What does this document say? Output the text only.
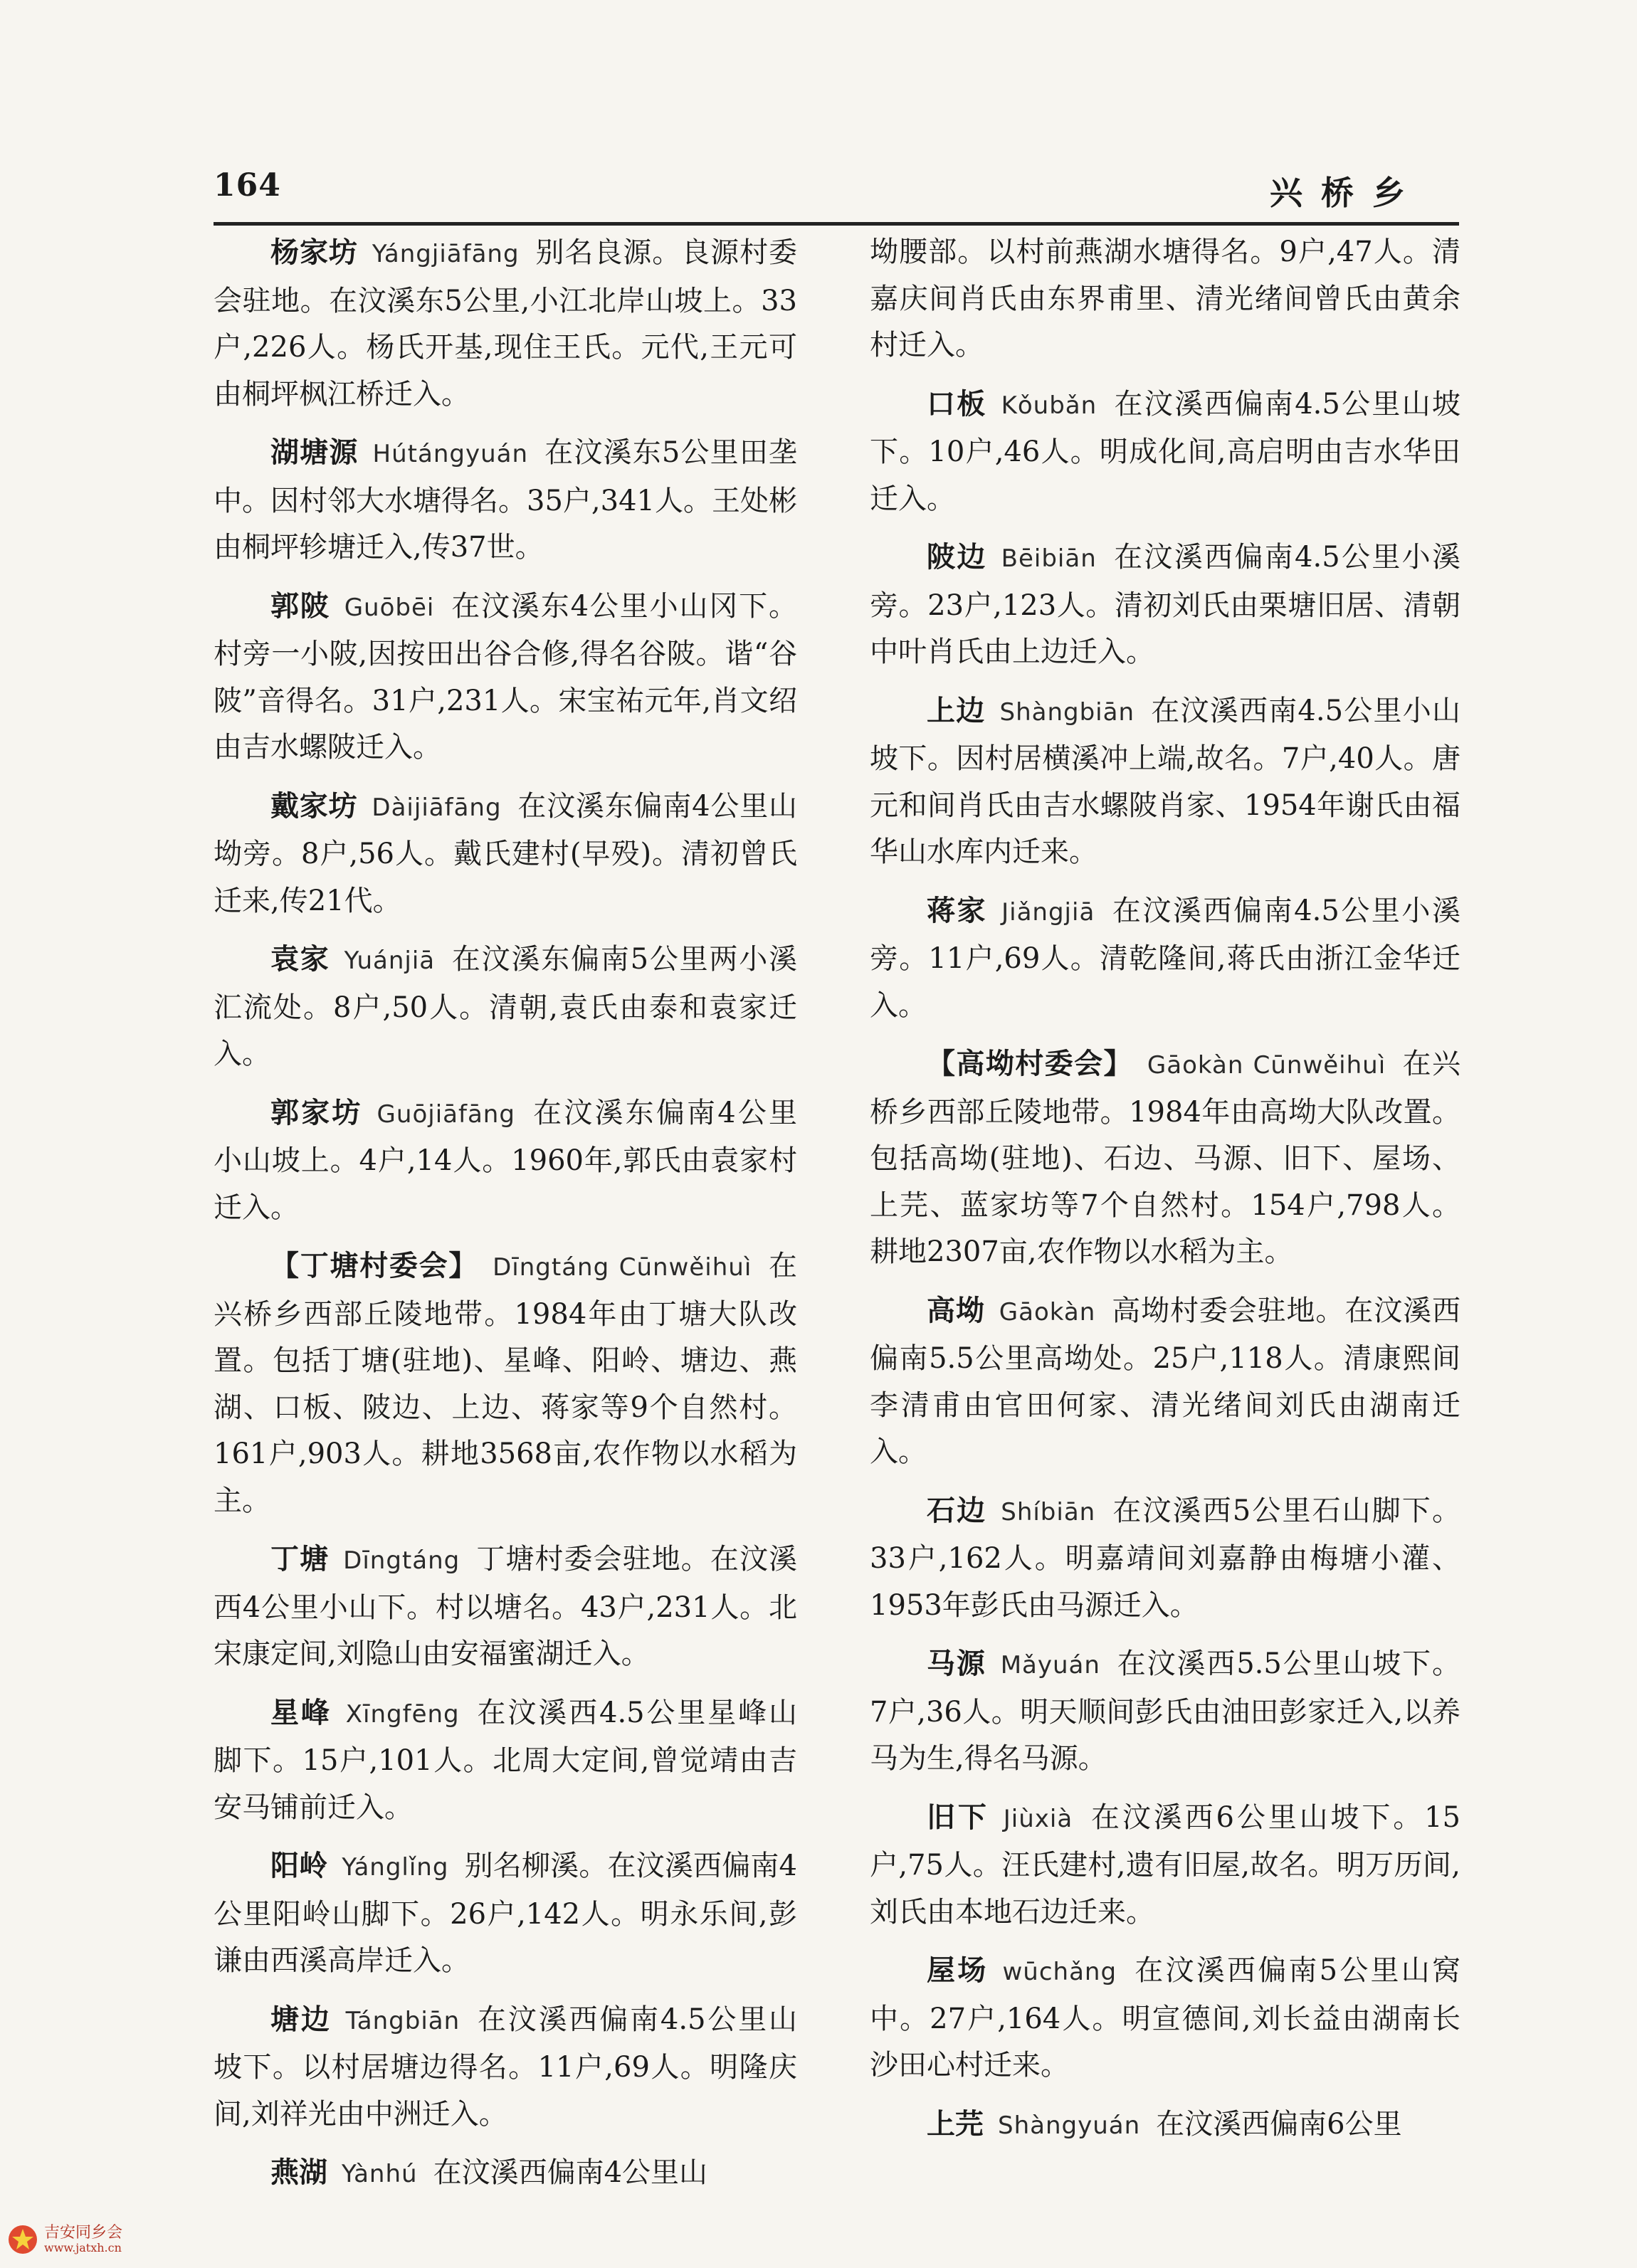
164	兴桥乡

杨家坊 Yángjiāfāng 别名良源。良源村委会驻地。在汶溪东5公里,小江北岸山坡上。33户,226人。杨氏开基,现住王氏。元代,王元可由桐坪枫江桥迁入。

湖塘源 Hútángyuán 在汶溪东5公里田垄中。因村邻大水塘得名。35户,341人。王处彬由桐坪轸塘迁入,传37世。

郭陂 Guōbēi 在汶溪东4公里小山冈下。村旁一小陂,因按田出谷合修,得名谷陂。谐“谷陂”音得名。31户,231人。宋宝祐元年,肖文绍由吉水螺陂迁入。

戴家坊 Dàijiāfāng 在汶溪东偏南4公里山坳旁。8户,56人。戴氏建村(早殁)。清初曾氏迁来,传21代。

袁家 Yuánjiā 在汶溪东偏南5公里两小溪汇流处。8户,50人。清朝,袁氏由泰和袁家迁入。

郭家坊 Guōjiāfāng 在汶溪东偏南4公里小山坡上。4户,14人。1960年,郭氏由袁家村迁入。

【丁塘村委会】 Dīngtáng Cūnwěihuì 在兴桥乡西部丘陵地带。1984年由丁塘大队改置。包括丁塘(驻地)、星峰、阳岭、塘边、燕湖、口板、陂边、上边、蒋家等9个自然村。161户,903人。耕地3568亩,农作物以水稻为主。

丁塘 Dīngtáng 丁塘村委会驻地。在汶溪西4公里小山下。村以塘名。43户,231人。北宋康定间,刘隐山由安福蜜湖迁入。

星峰 Xīngfēng 在汶溪西4.5公里星峰山脚下。15户,101人。北周大定间,曾觉靖由吉安马铺前迁入。

阳岭 Yánglǐng 别名柳溪。在汶溪西偏南4公里阳岭山脚下。26户,142人。明永乐间,彭谦由西溪高岸迁入。

塘边 Tángbiān 在汶溪西偏南4.5公里山坡下。以村居塘边得名。11户,69人。明隆庆间,刘祥光由中洲迁入。

燕湖 Yànhú 在汶溪西偏南4公里山

坳腰部。以村前燕湖水塘得名。9户,47人。清嘉庆间肖氏由东界甫里、清光绪间曾氏由黄余村迁入。

口板 Kǒubǎn 在汶溪西偏南4.5公里山坡下。10户,46人。明成化间,高启明由吉水华田迁入。

陂边 Bēibiān 在汶溪西偏南4.5公里小溪旁。23户,123人。清初刘氏由栗塘旧居、清朝中叶肖氏由上边迁入。

上边 Shàngbiān 在汶溪西南4.5公里小山坡下。因村居横溪冲上端,故名。7户,40人。唐元和间肖氏由吉水螺陂肖家、1954年谢氏由福华山水库内迁来。

蒋家 Jiǎngjiā 在汶溪西偏南4.5公里小溪旁。11户,69人。清乾隆间,蒋氏由浙江金华迁入。

【高坳村委会】 Gāokàn Cūnwěihuì 在兴桥乡西部丘陵地带。1984年由高坳大队改置。包括高坳(驻地)、石边、马源、旧下、屋场、上芫、蓝家坊等7个自然村。154户,798人。耕地2307亩,农作物以水稻为主。

高坳 Gāokàn 高坳村委会驻地。在汶溪西偏南5.5公里高坳处。25户,118人。清康熙间李清甫由官田何家、清光绪间刘氏由湖南迁入。

石边 Shíbiān 在汶溪西5公里石山脚下。33户,162人。明嘉靖间刘嘉静由梅塘小灌、1953年彭氏由马源迁入。

马源 Mǎyuán 在汶溪西5.5公里山坡下。7户,36人。明天顺间彭氏由油田彭家迁入,以养马为生,得名马源。

旧下 Jiùxià 在汶溪西6公里山坡下。15户,75人。汪氏建村,遗有旧屋,故名。明万历间,刘氏由本地石边迁来。

屋场 wūchǎng 在汶溪西偏南5公里山窝中。27户,164人。明宣德间,刘长益由湖南长沙田心村迁来。

上芫 Shàngyuán 在汶溪西偏南6公里

吉安同乡会
www.jatxh.cn
